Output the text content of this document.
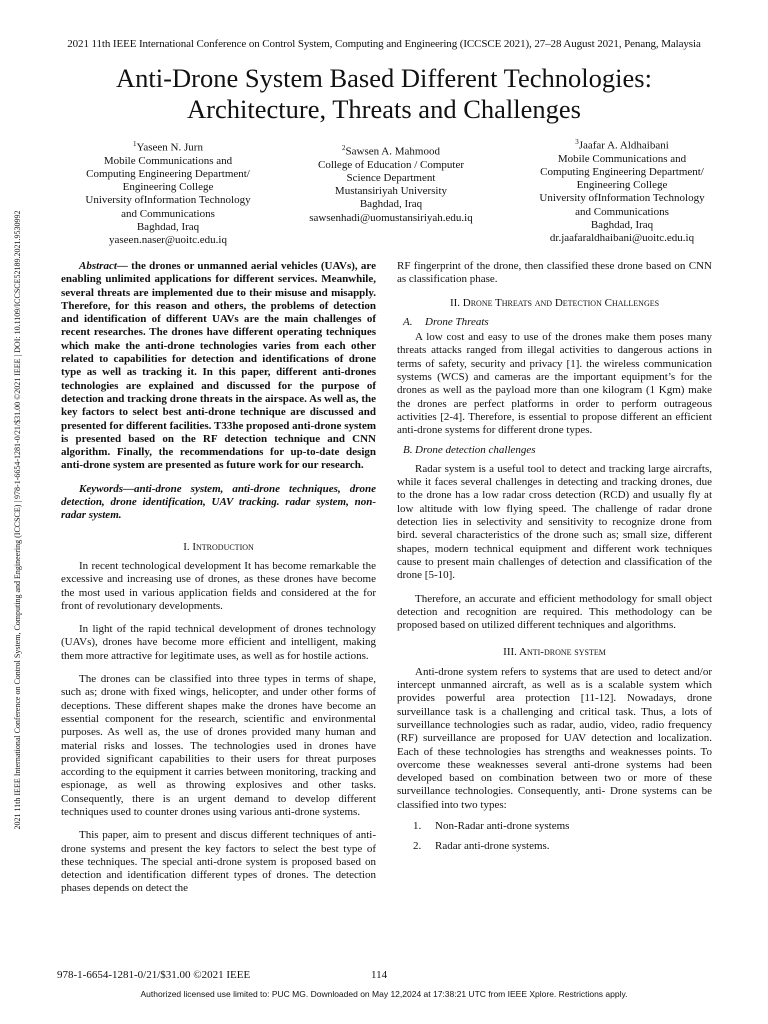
2021 11th IEEE International Conference on Control System, Computing and Engineering (ICCSCE 2021), 27–28 August 2021, Penang, Malaysia
Anti-Drone System Based Different Technologies:
Architecture, Threats and Challenges
2021 11th IEEE International Conference on Control System, Computing and Engineering (ICCSCE) | 978-1-6654-1281-0/21/$31.00 ©2021 IEEE | DOI: 10.1109/ICCSCE52189.2021.9530992
$^1$Yaseen N. Jurn
Mobile Communications and
Computing Engineering Department/
Engineering College
University ofInformation Technology
and Communications
Baghdad, Iraq
yaseen.naser@uoitc.edu.iq
$^2$Sawsen A. Mahmood
College of Education / Computer
Science Department
Mustansiriyah University
Baghdad, Iraq
sawsenhadi@uomustansiriyah.edu.iq
$^3$Jaafar A. Aldhaibani
Mobile Communications and
Computing Engineering Department/
Engineering College
University ofInformation Technology
and Communications
Baghdad, Iraq
dr.jaafaraldhaibani@uoitc.edu.iq

Abstract— the drones or unmanned aerial vehicles (UAVs), are enabling unlimited applications for different services. Meanwhile, several threats are implemented due to their misuse and misapply. Therefore, for this reason and others, the problems of detection and identification of different UAVs are the main challenges of recent researches. The drones have different operating techniques which make the anti-drone technologies varies from each other related to capabilities for detection and identifications of drone type as well as tracking it. In this paper, different anti-drones technologies are explained and discussed for the purpose of detection and tracking drone threats in the airspace. As well as, the key factors to select best anti-drone technique are discussed and presented for different facilities. T33he proposed anti-drone system is presented based on the RF detection technique and CNN algorithm. Finally, the recommendations for up-to-date design anti-drone system are presented as future work for our research.

Keywords—anti-drone system, anti-drone techniques, drone detection, drone identification, UAV tracking. radar system, non-radar system.

I. Introduction

In recent technological development It has become remarkable the excessive and increasing use of drones, as these drones have become the most used in various application fields and considered at the for front of revolutionary developments.

In light of the rapid technical development of drones technology (UAVs), drones have become more efficient and intelligent, making them more attractive for legitimate uses, as well as for hostile actions.

The drones can be classified into three types in terms of shape, such as; drone with fixed wings, helicopter, and under other forms of deceptions. These different shapes make the drones have become an essential component for the research, scientific and environmental purposes. As well as, the use of drones provided many human and material risks and losses. The technologies used in drones have provided significant capabilities to their users for threat purposes according to the equipment it carries between monitoring, tracking and espionage, as well as throwing explosives and other tasks. Consequently, there is an urgent demand to develop different techniques used to counter drones using various anti-drone systems.

This paper, aim to present and discus different techniques of anti-drone systems and present the key factors to select the best type of these techniques. The special anti-drone system is proposed based on detection and identification different types of drones. The detection phases depends on detect the

RF fingerprint of the drone, then classified these drone based on CNN as classification phase.

II. Drone Threats and Detection Challenges
A. Drone Threats

A low cost and easy to use of the drones make them poses many threats attacks ranged from illegal activities to dangerous actions in terms of safety, security and privacy [1]. the wireless communication systems (WCS) and cameras are the important equipment’s for the drones as well as the payload more than one kilogram (1 Kgm) make the drones are perfect platforms in order to perform outrageous activities [2-4]. Therefore, is essential to propose different an efficient anti-drone systems for different drone types.

B. Drone detection challenges

Radar system is a useful tool to detect and tracking large aircrafts, while it faces several challenges in detecting and tracking drones, due to the drone has a low radar cross detection (RCD) and usually fly at low altitude with low flying speed. The challenge of radar drone detection lies in selectivity and sensitivity to recognize drone from bird. several characteristics of the drone such as; small size, different shapes, modern technical equipment and different work techniques cause to present main challenges of detection and classification of the drone [5-10].

Therefore, an accurate and efficient methodology for small object detection and recognition are required. This methodology can be proposed based on utilized different techniques and algorithms.

III. Anti-drone system

Anti-drone system refers to systems that are used to detect and/or intercept unmanned aircraft, as well as is a scalable system which provides powerful area protection [11-12]. Nowadays, drone surveillance task is a challenging and critical task. Thus, a lots of surveillance technologies such as radar, audio, video, radio frequency (RF) surveillance are proposed for UAV detection and localization. Each of these technologies has strengths and weaknesses points. To overcome these weaknesses several anti-drone systems had been developed based on combination between two or more of these surveillance technologies. Consequently, anti- Drone systems can be classified into two types:

1. Non-Radar anti-drone systems
2. Radar anti-drone systems.
978-1-6654-1281-0/21/$31.00 ©2021 IEEE	114
Authorized licensed use limited to: PUC MG. Downloaded on May 12,2024 at 17:38:21 UTC from IEEE Xplore. Restrictions apply.
